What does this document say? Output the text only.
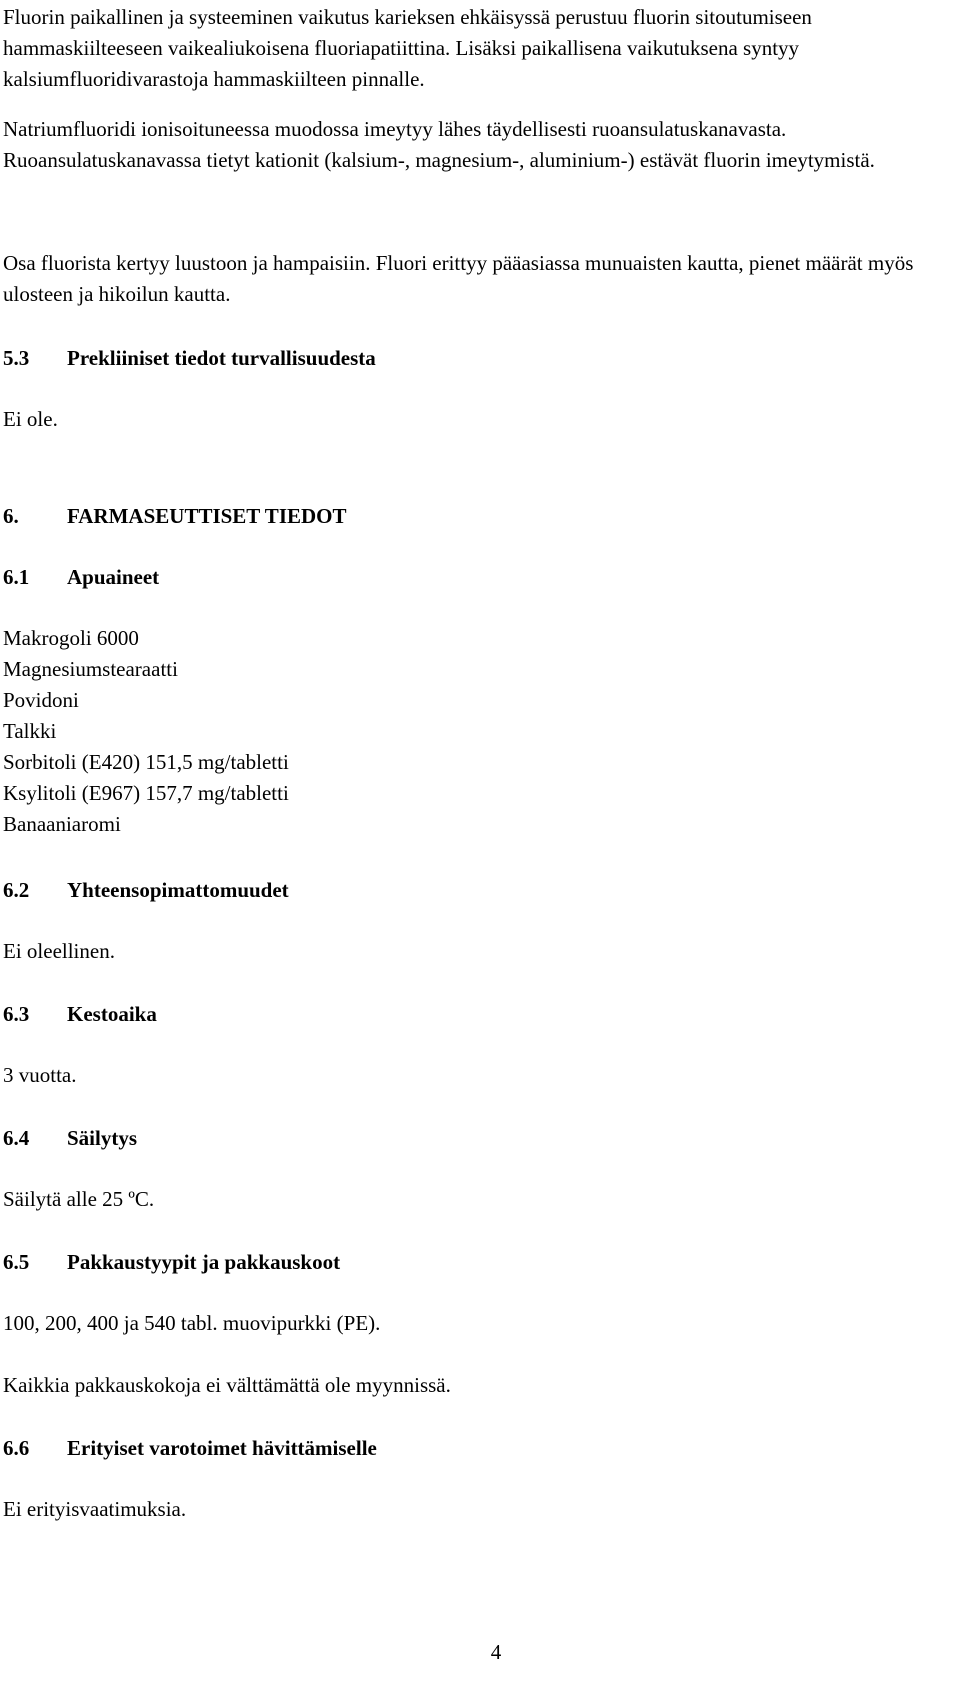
Fluorin paikallinen ja systeeminen vaikutus karieksen ehkäisyssä perustuu fluorin sitoutumiseen hammaskiilteeseen vaikealiukoisena fluoriapatiittina. Lisäksi paikallisena vaikutuksena syntyy kalsiumfluoridivarastoja hammaskiilteen pinnalle.

Natriumfluoridi ionisoituneessa muodossa imeytyy lähes täydellisesti ruoansulatuskanavasta. Ruoansulatuskanavassa tietyt kationit (kalsium-, magnesium-, aluminium-) estävät fluorin imeytymistä.

Osa fluorista kertyy luustoon ja hampaisiin. Fluori erittyy pääasiassa munuaisten kautta, pienet määrät myös ulosteen ja hikoilun kautta.

5.3	Prekliiniset tiedot turvallisuudesta

Ei ole.

6.	FARMASEUTTISET TIEDOT
6.1	Apuaineet

Makrogoli 6000

Magnesiumstearaatti

Povidoni

Talkki

Sorbitoli (E420) 151,5 mg/tabletti

Ksylitoli (E967) 157,7 mg/tabletti

Banaaniaromi

6.2	Yhteensopimattomuudet

Ei oleellinen.

6.3	Kestoaika

3 vuotta.

6.4	Säilytys

Säilytä alle 25 ºC.

6.5	Pakkaustyypit ja pakkauskoot

100, 200, 400 ja 540 tabl. muovipurkki (PE).

Kaikkia pakkauskokoja ei välttämättä ole myynnissä.

6.6	Erityiset varotoimet hävittämiselle

Ei erityisvaatimuksia.

4
